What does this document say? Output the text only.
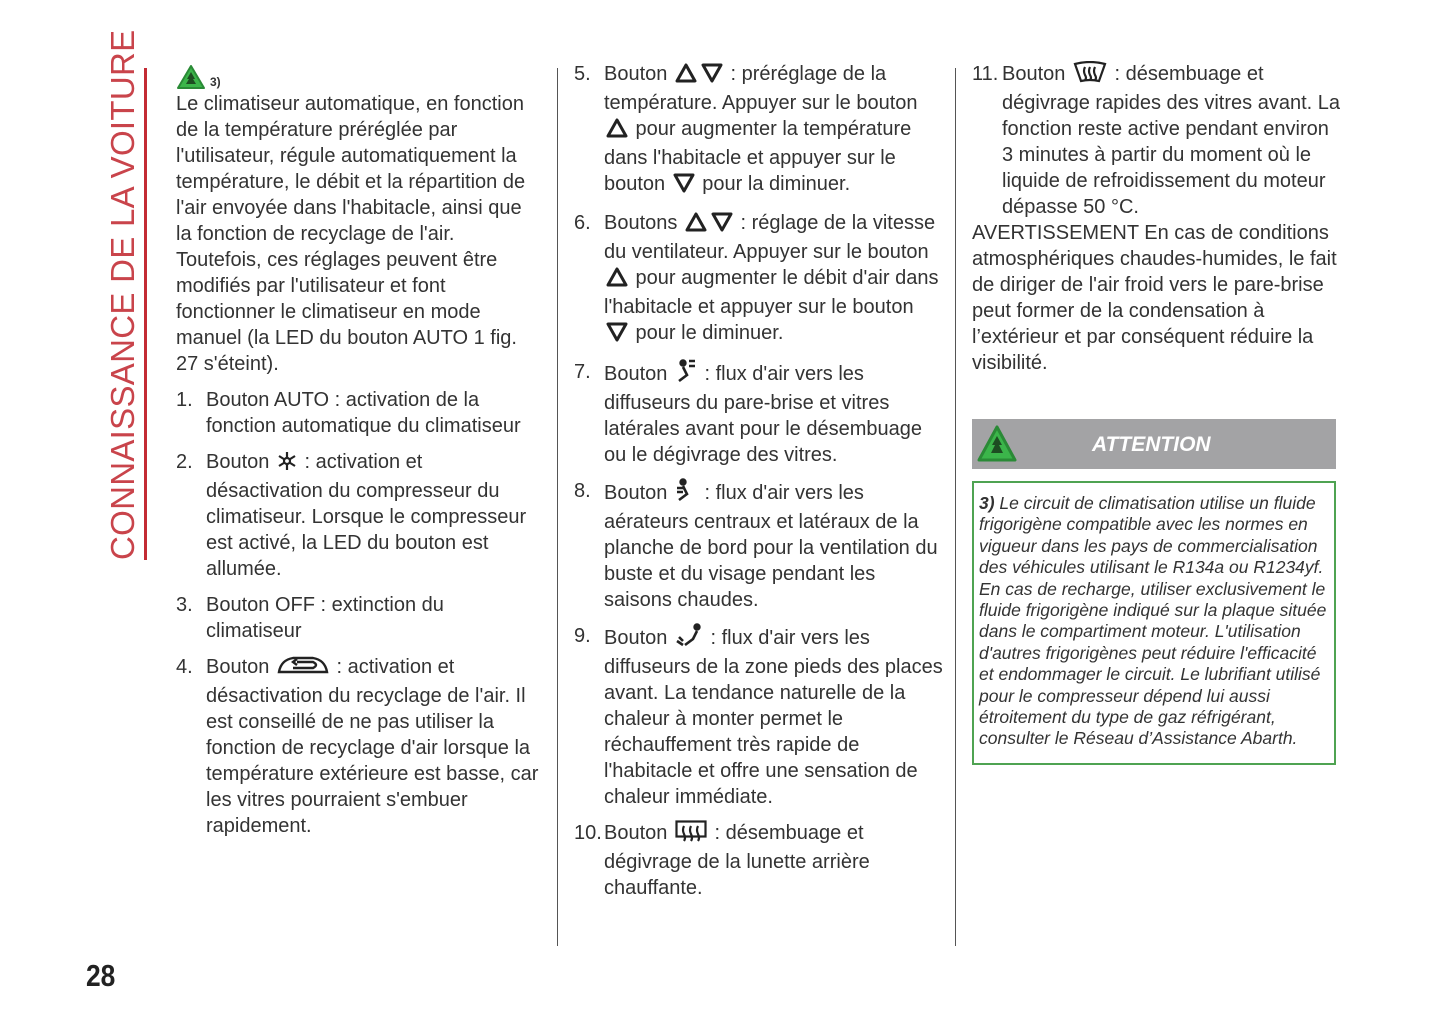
CONNAISSANCE DE LA VOITURE
28
3)

Le climatiseur automatique, en fonction de la température préréglée par l'utilisateur, régule automatiquement la température, le débit et la répartition de l'air envoyée dans l'habitacle, ainsi que la fonction de recyclage de l'air. Toutefois, ces réglages peuvent être modifiés par l'utilisateur et font fonctionner le climatiseur en mode manuel (la LED du bouton AUTO 1 fig. 27 s'éteint).

1. Bouton AUTO : activation de la fonction automatique du climatiseur
2. Bouton  : activation et désactivation du compresseur du climatiseur. Lorsque le compresseur est activé, la LED du bouton est allumée.
3. Bouton OFF : extinction du climatiseur
4. Bouton	: activation et désactivation du recyclage de l'air. Il est conseillé de ne pas utiliser la fonction de recyclage d'air lorsque la température extérieure est basse, car les vitres pourraient s'embuer rapidement.
5. Bouton	: préréglage de la température. Appuyer sur le bouton  pour augmenter la température dans l'habitacle et appuyer sur le bouton  pour la diminuer.
6. Boutons	: réglage de la vitesse du ventilateur. Appuyer sur le bouton  pour augmenter le débit d'air dans l'habitacle et appuyer sur le bouton  pour le diminuer.
7. Bouton  : flux d'air vers les diffuseurs du pare-brise et vitres latérales avant pour le désembuage ou le dégivrage des vitres.
8. Bouton  : flux d'air vers les aérateurs centraux et latéraux de la planche de bord pour la ventilation du buste et du visage pendant les saisons chaudes.
9. Bouton  : flux d'air vers les diffuseurs de la zone pieds des places avant. La tendance naturelle de la chaleur à monter permet le réchauffement très rapide de l'habitacle et offre une sensation de chaleur immédiate.
10. Bouton  : désembuage et dégivrage de la lunette arrière chauffante.
11. Bouton  : désembuage et dégivrage rapides des vitres avant. La fonction reste active pendant environ 3 minutes à partir du moment où le liquide de refroidissement du moteur dépasse 50 °C.

AVERTISSEMENT En cas de conditions atmosphériques chaudes-humides, le fait de diriger de l'air froid vers le pare-brise peut former de la condensation à l’extérieur et par conséquent réduire la visibilité.

ATTENTION
3) Le circuit de climatisation utilise un fluide frigorigène compatible avec les normes en vigueur dans les pays de commercialisation des véhicules utilisant le R134a ou R1234yf. En cas de recharge, utiliser exclusivement le fluide frigorigène indiqué sur la plaque située dans le compartiment moteur. L'utilisation d'autres frigorigènes peut réduire l'efficacité et endommager le circuit. Le lubrifiant utilisé pour le compresseur dépend lui aussi étroitement du type de gaz réfrigérant, consulter le Réseau d’Assistance Abarth.
